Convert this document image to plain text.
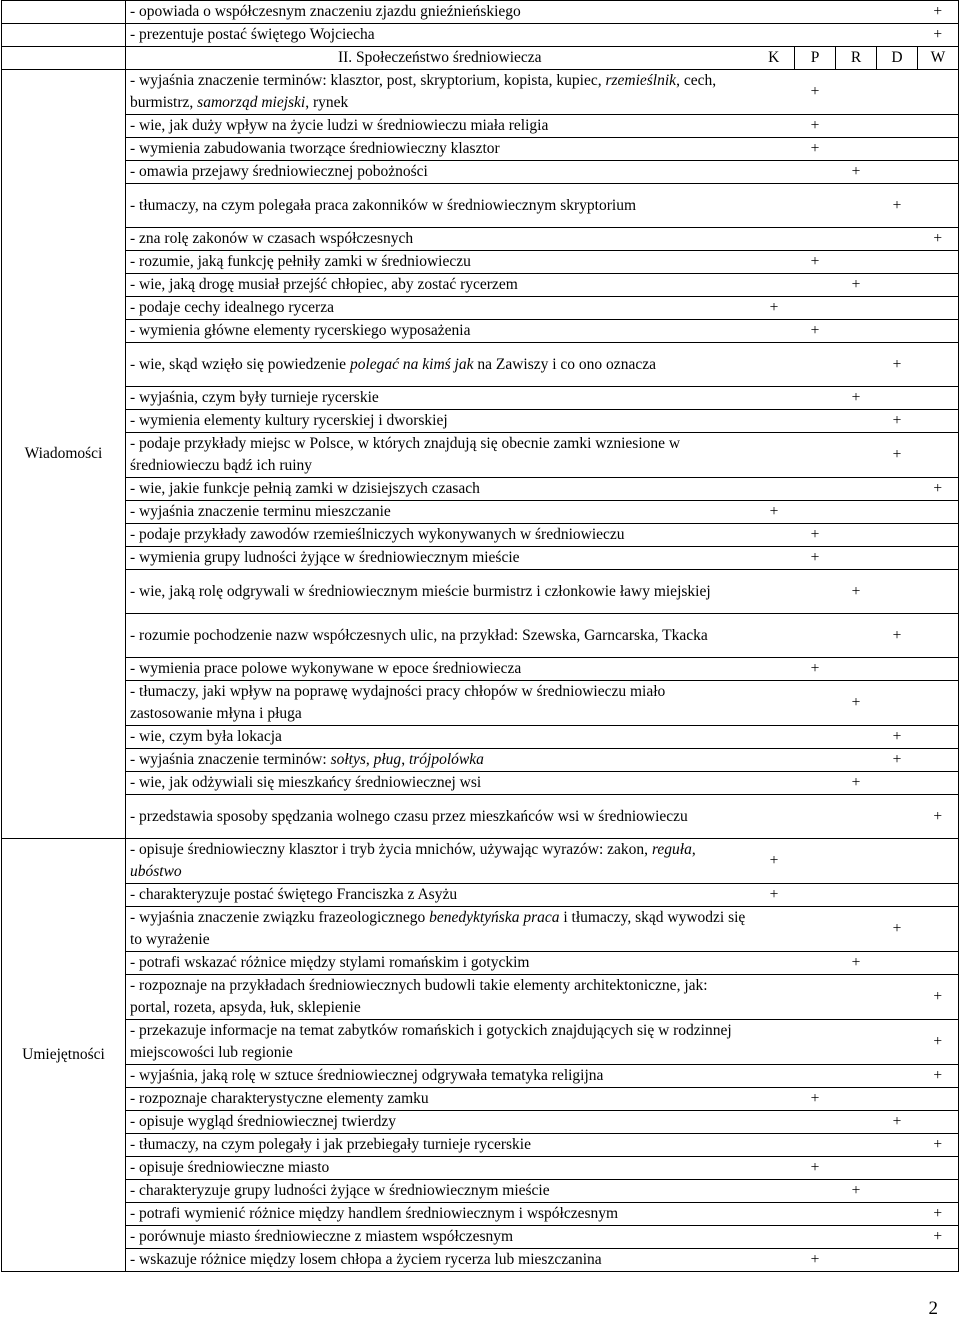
	- opowiada o współczesnym znaczeniu zjazdu gnieźnieńskiego					+
	- prezentuje postać świętego Wojciecha					+
	II. Społeczeństwo średniowiecza	K	P	R	D	W
Wiadomości	- wyjaśnia znaczenie terminów: klasztor, post, skryptorium, kopista, kupiec, rzemieślnik, cech, burmistrz, samorząd miejski, rynek		+			
	- wie, jak duży wpływ na życie ludzi w średniowieczu miała religia		+			
	- wymienia zabudowania tworzące średniowieczny klasztor		+			
	- omawia przejawy średniowiecznej pobożności			+		
	- tłumaczy, na czym polegała praca zakonników w średniowiecznym skryptorium				+	
	- zna rolę zakonów w czasach współczesnych					+
	- rozumie, jaką funkcję pełniły zamki w średniowieczu		+			
	- wie, jaką drogę musiał przejść chłopiec, aby zostać rycerzem			+		
	- podaje cechy idealnego rycerza	+				
	- wymienia główne elementy rycerskiego wyposażenia		+			
	- wie, skąd wzięło się powiedzenie polegać na kimś jak na Zawiszy i co ono oznacza				+	
	- wyjaśnia, czym były turnieje rycerskie			+		
	- wymienia elementy kultury rycerskiej i dworskiej				+	
	- podaje przykłady miejsc w Polsce, w których znajdują się obecnie zamki wzniesione w średniowieczu bądź ich ruiny				+	
	- wie, jakie funkcje pełnią zamki w dzisiejszych czasach					+
	- wyjaśnia znaczenie terminu mieszczanie	+				
	- podaje przykłady zawodów rzemieślniczych wykonywanych w średniowieczu		+			
	- wymienia grupy ludności żyjące w średniowiecznym mieście		+			
	- wie, jaką rolę odgrywali w średniowiecznym mieście burmistrz i członkowie ławy miejskiej			+		
	- rozumie pochodzenie nazw współczesnych ulic, na przykład: Szewska, Garncarska, Tkacka				+	
	- wymienia prace polowe wykonywane w epoce średniowiecza		+			
	- tłumaczy, jaki wpływ na poprawę wydajności pracy chłopów w średniowieczu miało zastosowanie młyna i pługa			+		
	- wie, czym była lokacja				+	
	- wyjaśnia znaczenie terminów: sołtys, pług, trójpolówka				+	
	- wie, jak odżywiali się mieszkańcy średniowiecznej wsi			+		
	- przedstawia sposoby spędzania wolnego czasu przez mieszkańców wsi w średniowieczu					+
Umiejętności	- opisuje średniowieczny klasztor i tryb życia mnichów, używając wyrazów: zakon, reguła, ubóstwo	+				
	- charakteryzuje postać świętego Franciszka z Asyżu	+				
	- wyjaśnia znaczenie związku frazeologicznego benedyktyńska praca i tłumaczy, skąd wywodzi się to wyrażenie				+	
	- potrafi wskazać różnice między stylami romańskim i gotyckim			+		
	- rozpoznaje na przykładach średniowiecznych budowli takie elementy architektoniczne, jak: portal, rozeta, apsyda, łuk, sklepienie					+
	- przekazuje informacje na temat zabytków romańskich i gotyckich znajdujących się w rodzinnej miejscowości lub regionie					+
	- wyjaśnia, jaką rolę w sztuce średniowiecznej odgrywała tematyka religijna					+
	- rozpoznaje charakterystyczne elementy zamku		+			
	- opisuje wygląd średniowiecznej twierdzy				+	
	- tłumaczy, na czym polegały i jak przebiegały turnieje rycerskie					+
	- opisuje średniowieczne miasto		+			
	- charakteryzuje grupy ludności żyjące w średniowiecznym mieście			+		
	- potrafi wymienić różnice między handlem średniowiecznym i współczesnym					+
	- porównuje miasto średniowieczne z miastem współczesnym					+
	- wskazuje różnice między losem chłopa a życiem rycerza lub mieszczanina		+			
2
